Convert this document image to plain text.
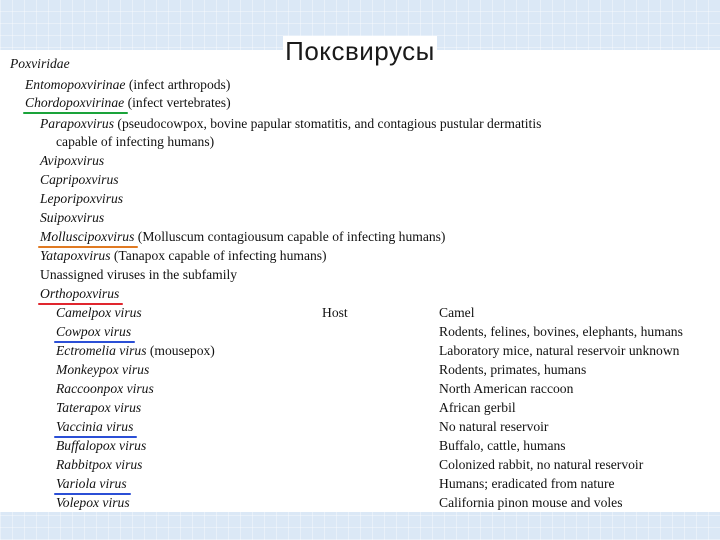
Поксвирусы
Poxviridae
Entomopoxvirinae (infect arthropods)
Chordopoxvirinae (infect vertebrates)
Parapoxvirus (pseudocowpox, bovine papular stomatitis, and contagious pustular dermatitis
capable of infecting humans)
Avipoxvirus
Capripoxvirus
Leporipoxvirus
Suipoxvirus
Molluscipoxvirus (Molluscum contagiousum capable of infecting humans)
Yatapoxvirus (Tanapox capable of infecting humans)
Unassigned viruses in the subfamily
Orthopoxvirus
Camelpox virus	Host	Camel
Cowpox virus	Rodents, felines, bovines, elephants, humans
Ectromelia virus (mousepox)	Laboratory mice, natural reservoir unknown
Monkeypox virus	Rodents, primates, humans
Raccoonpox virus	North American raccoon
Taterapox virus	African gerbil
Vaccinia virus	No natural reservoir
Buffalopox virus	Buffalo, cattle, humans
Rabbitpox virus	Colonized rabbit, no natural reservoir
Variola virus	Humans; eradicated from nature
Volepox virus	California pinon mouse and voles
